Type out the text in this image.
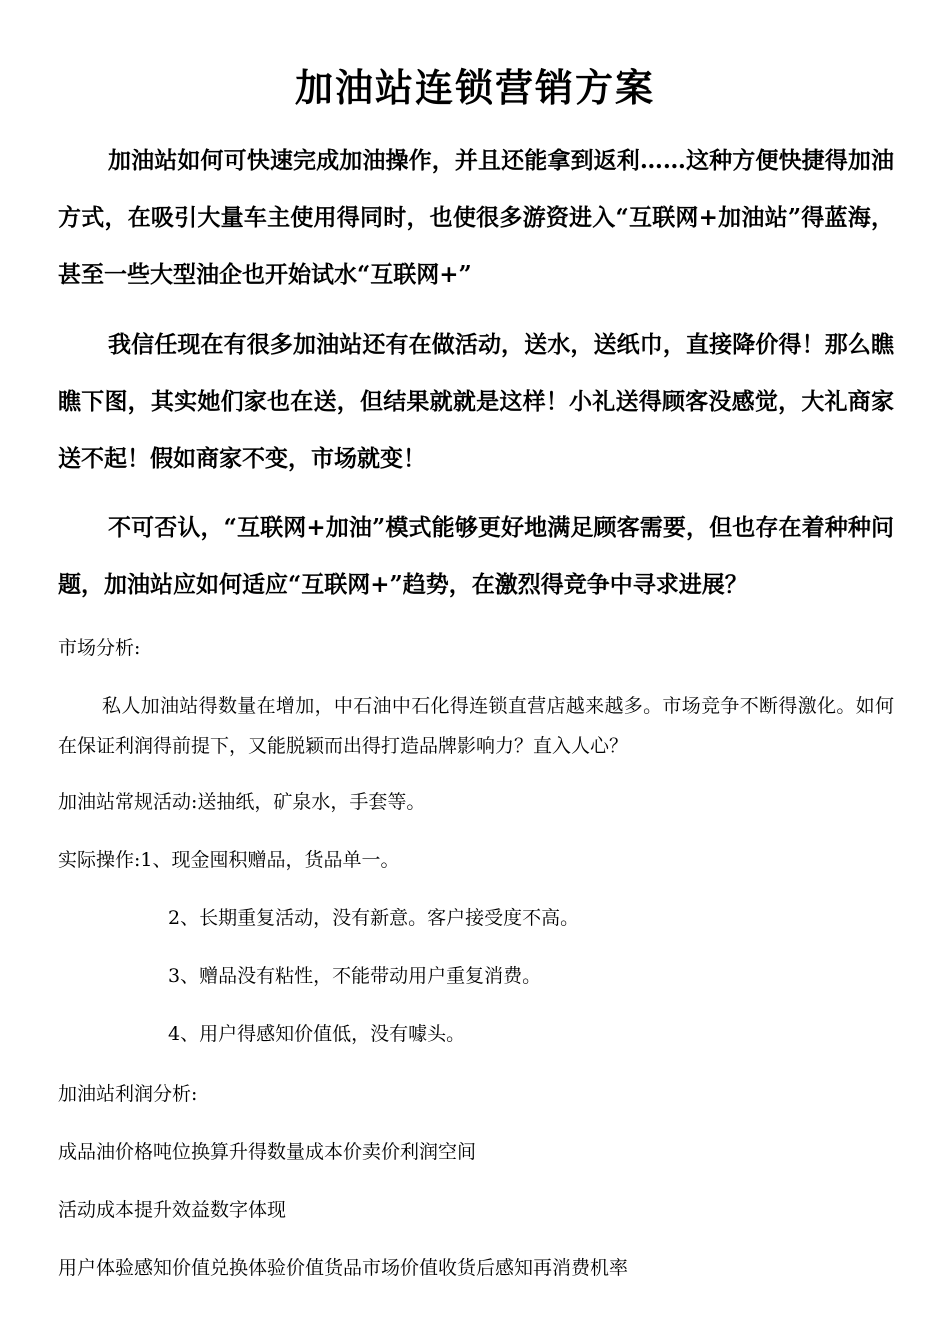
加油站连锁营销方案

加油站如何可快速完成加油操作，并且还能拿到返利……这种方便快捷得加油方式，在吸引大量车主使用得同时，也使很多游资进入“互联网+加油站”得蓝海，甚至一些大型油企也开始试水“互联网+”

我信任现在有很多加油站还有在做活动，送水，送纸巾，直接降价得！那么瞧瞧下图，其实她们家也在送，但结果就就是这样！小礼送得顾客没感觉，大礼商家送不起！假如商家不变，市场就变！

不可否认，“互联网+加油”模式能够更好地满足顾客需要，但也存在着种种问题，加油站应如何适应“互联网+”趋势，在激烈得竞争中寻求进展？

市场分析:

私人加油站得数量在增加，中石油中石化得连锁直营店越来越多。市场竞争不断得激化。如何在保证利润得前提下，又能脱颖而出得打造品牌影响力？直入人心？

加油站常规活动:送抽纸，矿泉水，手套等。

实际操作:1、现金囤积赠品，货品单一。

2、长期重复活动，没有新意。客户接受度不高。

3、赠品没有粘性，不能带动用户重复消费。

4、用户得感知价值低，没有噱头。

加油站利润分析:

成品油价格吨位换算升得数量成本价卖价利润空间

活动成本提升效益数字体现

用户体验感知价值兑换体验价值货品市场价值收货后感知再消费机率
